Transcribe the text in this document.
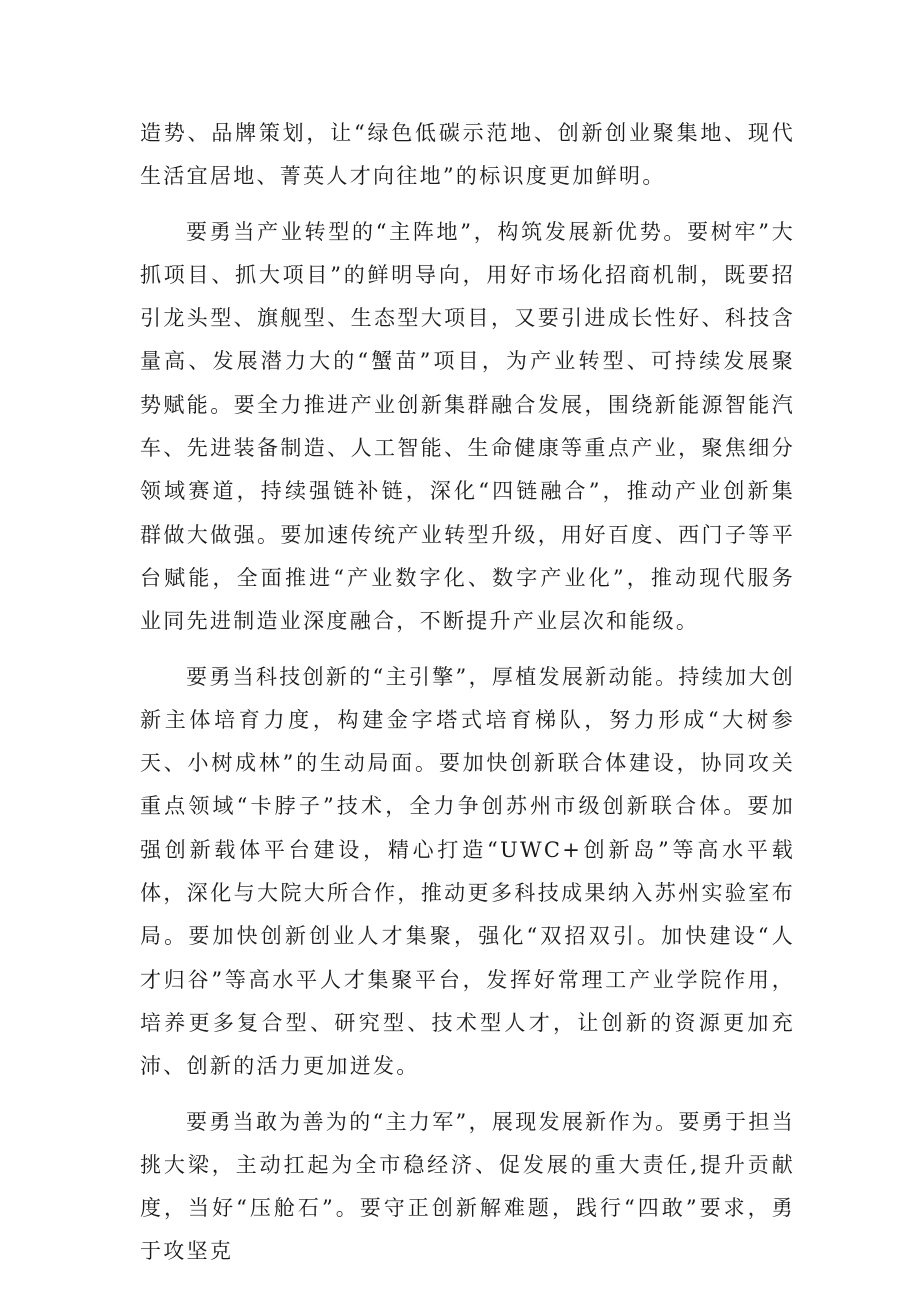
造势、品牌策划，让“绿色低碳示范地、创新创业聚集地、现代生活宜居地、菁英人才向往地”的标识度更加鲜明。

要勇当产业转型的“主阵地”，构筑发展新优势。要树牢”大抓项目、抓大项目”的鲜明导向，用好市场化招商机制，既要招引龙头型、旗舰型、生态型大项目，又要引进成长性好、科技含量高、发展潜力大的“蟹苗”项目，为产业转型、可持续发展聚势赋能。要全力推进产业创新集群融合发展，围绕新能源智能汽车、先进装备制造、人工智能、生命健康等重点产业，聚焦细分领域赛道，持续强链补链，深化“四链融合”，推动产业创新集群做大做强。要加速传统产业转型升级，用好百度、西门子等平台赋能，全面推进“产业数字化、数字产业化”，推动现代服务业同先进制造业深度融合，不断提升产业层次和能级。

要勇当科技创新的“主引擎”，厚植发展新动能。持续加大创新主体培育力度，构建金字塔式培育梯队，努力形成“大树参天、小树成林”的生动局面。要加快创新联合体建设，协同攻关重点领域“卡脖子”技术，全力争创苏州市级创新联合体。要加强创新载体平台建设，精心打造“UWC+创新岛”等高水平载体，深化与大院大所合作，推动更多科技成果纳入苏州实验室布局。要加快创新创业人才集聚，强化“双招双引。加快建设“人才归谷”等高水平人才集聚平台，发挥好常理工产业学院作用，培养更多复合型、研究型、技术型人才，让创新的资源更加充沛、创新的活力更加迸发。

要勇当敢为善为的“主力军”，展现发展新作为。要勇于担当挑大梁，主动扛起为全市稳经济、促发展的重大责任,提升贡献度，当好“压舱石”。要守正创新解难题，践行“四敢”要求，勇于攻坚克
